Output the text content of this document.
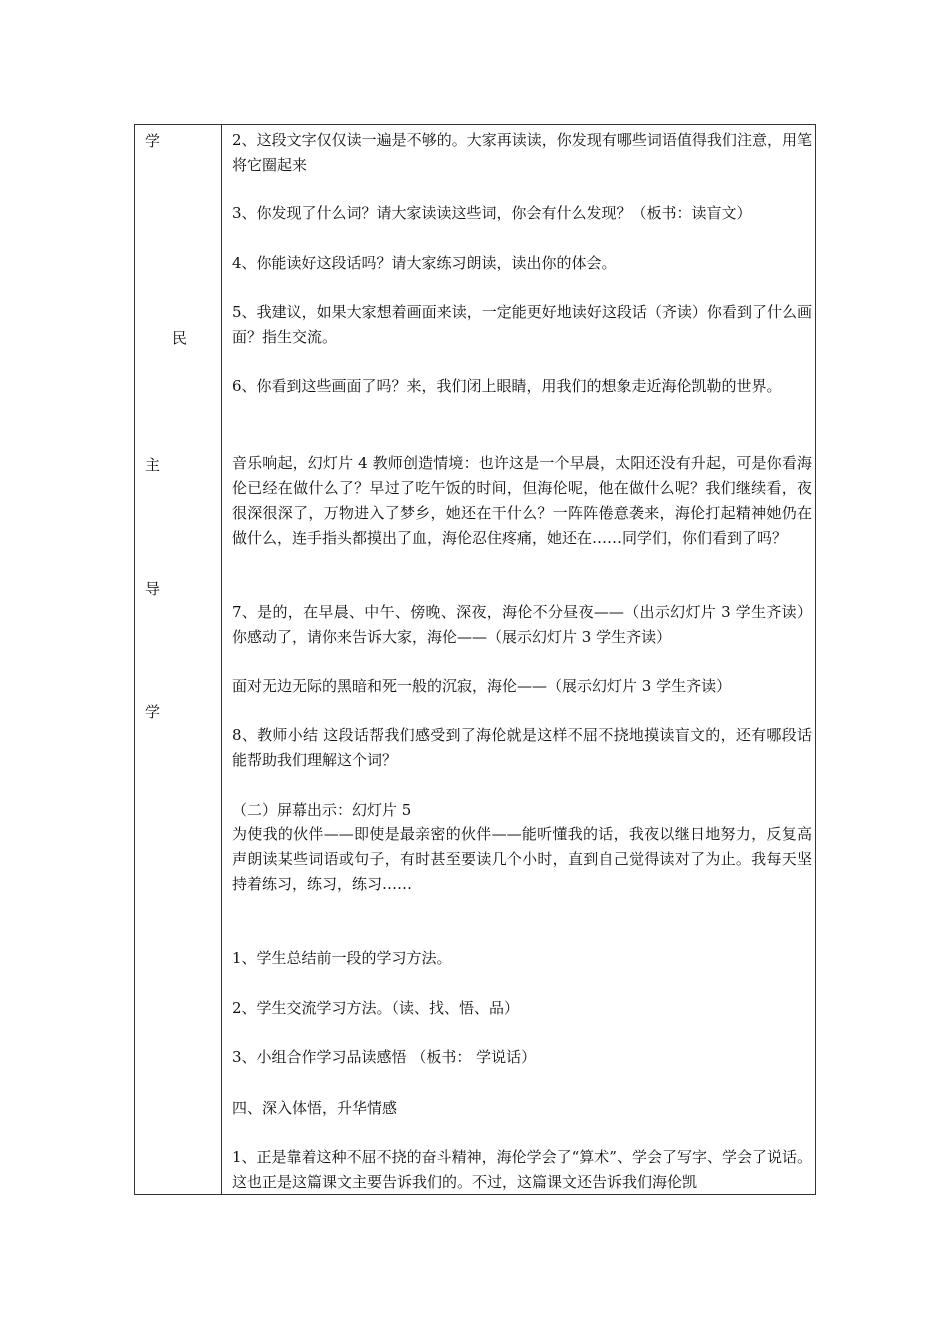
学
民
主
导
学

2、这段文字仅仅读一遍是不够的。大家再读读，你发现有哪些词语值得我们注意，用笔将它圈起来

3、你发现了什么词？请大家读读这些词，你会有什么发现？（板书：读盲文）

4、你能读好这段话吗？请大家练习朗读，读出你的体会。

5、我建议，如果大家想着画面来读，一定能更好地读好这段话（齐读）你看到了什么画面？指生交流。

6、你看到这些画面了吗？来，我们闭上眼睛，用我们的想象走近海伦凯勒的世界。

音乐响起，幻灯片 4 教师创造情境：也许这是一个早晨，太阳还没有升起，可是你看海伦已经在做什么了？早过了吃午饭的时间，但海伦呢，他在做什么呢？我们继续看，夜很深很深了，万物进入了梦乡，她还在干什么？一阵阵倦意袭来，海伦打起精神她仍在做什么，连手指头都摸出了血，海伦忍住疼痛，她还在……同学们，你们看到了吗？

7、是的，在早晨、中午、傍晚、深夜，海伦不分昼夜——（出示幻灯片 3 学生齐读）你感动了，请你来告诉大家，海伦——（展示幻灯片 3 学生齐读）

面对无边无际的黑暗和死一般的沉寂，海伦——（展示幻灯片 3 学生齐读）

8、教师小结 这段话帮我们感受到了海伦就是这样不屈不挠地摸读盲文的，还有哪段话能帮助我们理解这个词？

（二）屏幕出示：幻灯片 5

为使我的伙伴——即使是最亲密的伙伴——能听懂我的话，我夜以继日地努力，反复高声朗读某些词语或句子，有时甚至要读几个小时，直到自己觉得读对了为止。我每天坚持着练习，练习，练习……

1、学生总结前一段的学习方法。

2、学生交流学习方法。（读、找、悟、品）

3、小组合作学习品读感悟 （板书： 学说话）

四、深入体悟，升华情感

1、正是靠着这种不屈不挠的奋斗精神，海伦学会了“算术”、学会了写字、学会了说话。这也正是这篇课文主要告诉我们的。不过，这篇课文还告诉我们海伦凯
